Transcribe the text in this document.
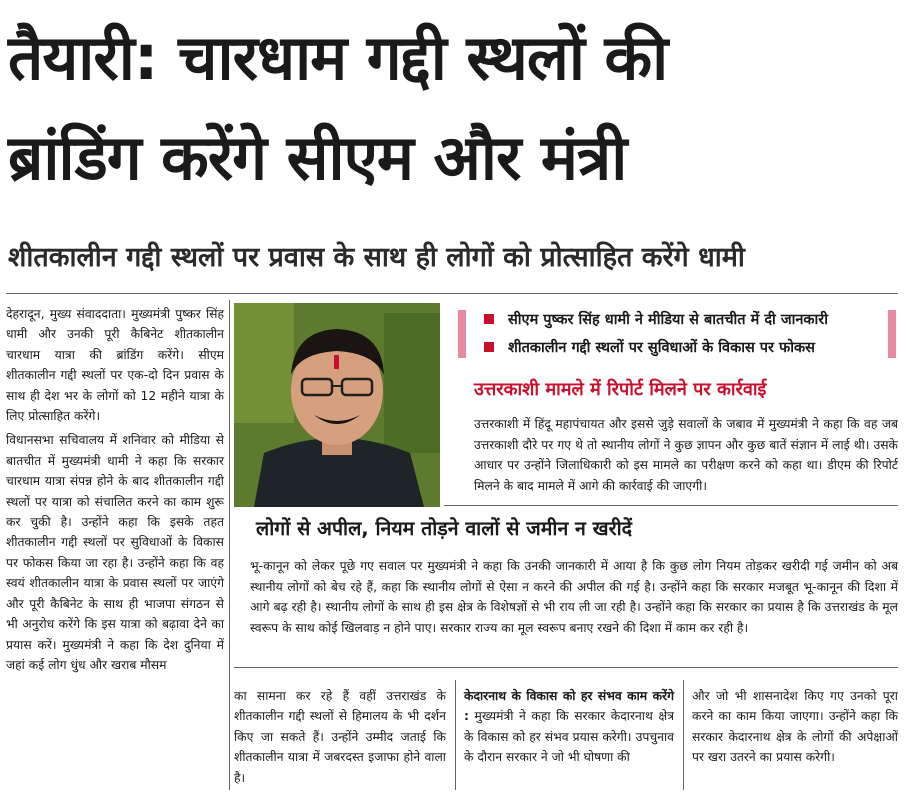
तैयारी: चारधाम गद्दी स्थलों की
ब्रांडिंग करेंगे सीएम और मंत्री
शीतकालीन गद्दी स्थलों पर प्रवास के साथ ही लोगों को प्रोत्साहित करेंगे धामी

देहरादून, मुख्य संवाददाता। मुख्यमंत्री पुष्कर सिंह धामी और उनकी पूरी कैबिनेट शीतकालीन चारधाम यात्रा की ब्रांडिंग करेंगे। सीएम शीतकालीन गद्दी स्थलों पर एक-दो दिन प्रवास के साथ ही देश भर के लोगों को 12 महीने यात्रा के लिए प्रोत्साहित करेंगे।

विधानसभा सचिवालय में शनिवार को मीडिया से बातचीत में मुख्यमंत्री धामी ने कहा कि सरकार चारधाम यात्रा संपन्न होने के बाद शीतकालीन गद्दी स्थलों पर यात्रा को संचालित करने का काम शुरू कर चुकी है। उन्होंने कहा कि इसके तहत शीतकालीन गद्दी स्थलों पर सुविधाओं के विकास पर फोकस किया जा रहा है। उन्होंने कहा कि वह स्वयं शीतकालीन यात्रा के प्रवास स्थलों पर जाएंगे और पूरी कैबिनेट के साथ ही भाजपा संगठन से भी अनुरोध करेंगे कि इस यात्रा को बढ़ावा देने का प्रयास करें। मुख्यमंत्री ने कहा कि देश दुनिया में जहां कई लोग धुंध और खराब मौसम

सीएम पुष्कर सिंह धामी ने मीडिया से बातचीत में दी जानकारी
शीतकालीन गद्दी स्थलों पर सुविधाओं के विकास पर फोकस
उत्तरकाशी मामले में रिपोर्ट मिलने पर कार्रवाई
उत्तरकाशी में हिंदू महापंचायत और इससे जुड़े सवालों के जबाव में मुख्यमंत्री ने कहा कि वह जब उत्तरकाशी दौरे पर गए थे तो स्थानीय लोगों ने कुछ ज्ञापन और कुछ बातें संज्ञान में लाई थी। उसके आधार पर उन्होंने जिलाधिकारी को इस मामले का परीक्षण करने को कहा था। डीएम की रिपोर्ट मिलने के बाद मामले में आगे की कार्रवाई की जाएगी।
लोगों से अपील, नियम तोड़ने वालों से जमीन न खरीदें
भू-कानून को लेकर पूछे गए सवाल पर मुख्यमंत्री ने कहा कि उनकी जानकारी में आया है कि कुछ लोग नियम तोड़कर खरीदी गई जमीन को अब स्थानीय लोगों को बेच रहे हैं, कहा कि स्थानीय लोगों से ऐसा न करने की अपील की गई है। उन्होंने कहा कि सरकार मजबूत भू-कानून की दिशा में आगे बढ़ रही है। स्थानीय लोगों के साथ ही इस क्षेत्र के विशेषज्ञों से भी राय ली जा रही है। उन्होंने कहा कि सरकार का प्रयास है कि उत्तराखंड के मूल स्वरूप के साथ कोई खिलवाड़ न होने पाए। सरकार राज्य का मूल स्वरूप बनाए रखने की दिशा में काम कर रही है।
का सामना कर रहे हैं वहीं उत्तराखंड के शीतकालीन गद्दी स्थलों से हिमालय के भी दर्शन किए जा सकते हैं। उन्होंने उम्मीद जताई कि शीतकालीन यात्रा में जबरदस्त इजाफा होने वाला है।
केदारनाथ के विकास को हर संभव काम करेंगे : मुख्यमंत्री ने कहा कि सरकार केदारनाथ क्षेत्र के विकास को हर संभव प्रयास करेगी। उपचुनाव के दौरान सरकार ने जो भी घोषणा की
और जो भी शासनादेश किए गए उनको पूरा करने का काम किया जाएगा। उन्होंने कहा कि सरकार केदारनाथ क्षेत्र के लोगों की अपेक्षाओं पर खरा उतरने का प्रयास करेगी।
